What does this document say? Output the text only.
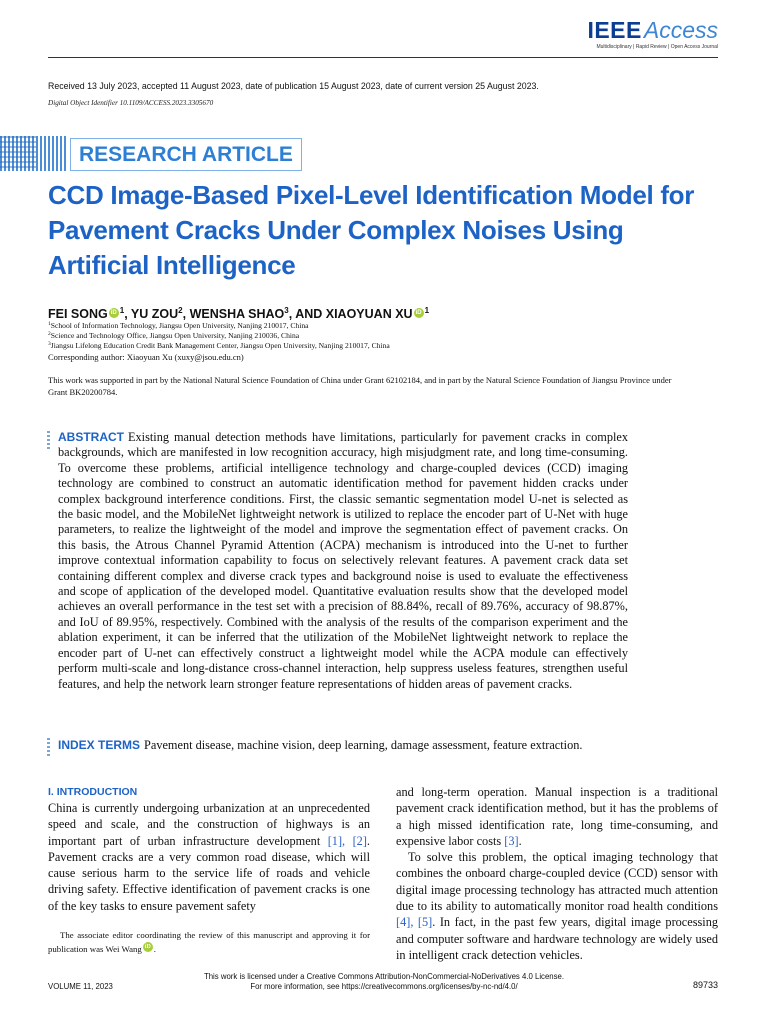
IEEEAccess
Multidisciplinary | Rapid Review | Open Access Journal
Received 13 July 2023, accepted 11 August 2023, date of publication 15 August 2023, date of current version 25 August 2023.
Digital Object Identifier 10.1109/ACCESS.2023.3305670
RESEARCH ARTICLE
CCD Image-Based Pixel-Level Identification Model for Pavement Cracks Under Complex Noises Using Artificial Intelligence
FEI SONG iD $^1$, YU ZOU$^2$, WENSHA SHAO$^3$, AND XIAOYUAN XU iD $^1$
$^1$School of Information Technology, Jiangsu Open University, Nanjing 210017, China
$^2$Science and Technology Office, Jiangsu Open University, Nanjing 210036, China
$^3$Jiangsu Lifelong Education Credit Bank Management Center, Jiangsu Open University, Nanjing 210017, China
Corresponding author: Xiaoyuan Xu (xuxy@jsou.edu.cn)
This work was supported in part by the National Natural Science Foundation of China under Grant 62102184, and in part by the Natural Science Foundation of Jiangsu Province under Grant BK20200784.
ABSTRACT Existing manual detection methods have limitations, particularly for pavement cracks in complex backgrounds, which are manifested in low recognition accuracy, high misjudgment rate, and long time-consuming. To overcome these problems, artificial intelligence technology and charge-coupled devices (CCD) imaging technology are combined to construct an automatic identification method for pavement hidden cracks under complex background interference conditions. First, the classic semantic segmentation model U-net is selected as the basic model, and the MobileNet lightweight network is utilized to replace the encoder part of U-Net with huge parameters, to realize the lightweight of the model and improve the segmentation effect of pavement cracks. On this basis, the Atrous Channel Pyramid Attention (ACPA) mechanism is introduced into the U-net to further improve contextual information capability to focus on selectively relevant features. A pavement crack data set containing different complex and diverse crack types and background noise is used to evaluate the effectiveness and scope of application of the developed model. Quantitative evaluation results show that the developed model achieves an overall performance in the test set with a precision of 88.84%, recall of 89.76%, accuracy of 98.87%, and IoU of 89.95%, respectively. Combined with the analysis of the results of the comparison experiment and the ablation experiment, it can be inferred that the utilization of the MobileNet lightweight network to replace the encoder part of U-net can effectively construct a lightweight model while the ACPA module can effectively perform multi-scale and long-distance cross-channel interaction, help suppress useless features, strengthen useful features, and help the network learn stronger feature representations of hidden areas of pavement cracks.
INDEX TERMS Pavement disease, machine vision, deep learning, damage assessment, feature extraction.
I. INTRODUCTION

China is currently undergoing urbanization at an unprecedented speed and scale, and the construction of highways is an important part of urban infrastructure development [1], [2]. Pavement cracks are a very common road disease, which will cause serious harm to the service life of roads and vehicle driving safety. Effective identification of pavement cracks is one of the key tasks to ensure pavement safety

The associate editor coordinating the review of this manuscript and approving it for publication was Wei Wang iD .

and long-term operation. Manual inspection is a traditional pavement crack identification method, but it has the problems of a high missed identification rate, long time-consuming, and expensive labor costs [3].

To solve this problem, the optical imaging technology that combines the onboard charge-coupled device (CCD) sensor with digital image processing technology has attracted much attention due to its ability to automatically monitor road health conditions [4], [5]. In fact, in the past few years, digital image processing and computer software and hardware technology are widely used in intelligent crack detection vehicles.

This work is licensed under a Creative Commons Attribution-NonCommercial-NoDerivatives 4.0 License.
For more information, see https://creativecommons.org/licenses/by-nc-nd/4.0/
VOLUME 11, 2023	89733
